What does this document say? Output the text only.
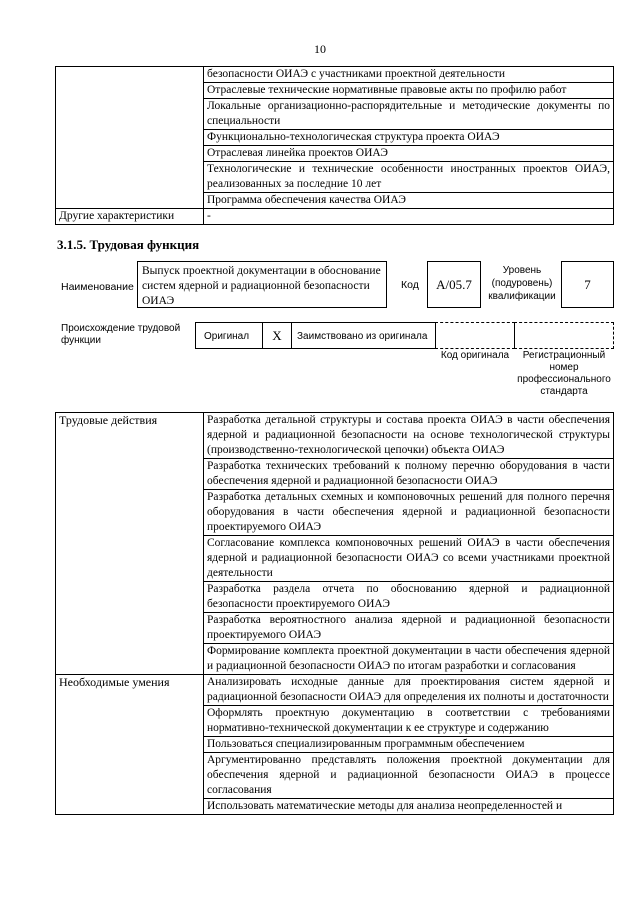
10
	безопасности ОИАЭ с участниками проектной деятельности
	Отраслевые технические нормативные правовые акты по профилю работ
	Локальные организационно-распорядительные и методические документы по специальности
	Функционально-технологическая структура проекта ОИАЭ
	Отраслевая линейка проектов ОИАЭ
	Технологические и технические особенности иностранных проектов ОИАЭ, реализованных за последние 10 лет
	Программа обеспечения качества ОИАЭ
Другие характеристики	-
3.1.5. Трудовая функция
Наименование
Выпуск проектной документации в обоснование систем ядерной и радиационной безопасности ОИАЭ
Код	A/05.7
Уровень (подуровень) квалификации
7
Происхождение трудовой функции	Оригинал	X	Заимствовано из оригинала
Код оригинала	Регистрационный номер профессионального стандарта
Трудовые действия	Разработка детальной структуры и состава проекта ОИАЭ в части обеспечения ядерной и радиационной безопасности на основе технологической структуры (производственно-технологической цепочки) объекта ОИАЭ
	Разработка технических требований к полному перечню оборудования в части обеспечения ядерной и радиационной безопасности ОИАЭ
	Разработка детальных схемных и компоновочных решений для полного перечня оборудования в части обеспечения ядерной и радиационной безопасности проектируемого ОИАЭ
	Согласование комплекса компоновочных решений ОИАЭ в части обеспечения ядерной и радиационной безопасности ОИАЭ со всеми участниками проектной деятельности
	Разработка раздела отчета по обоснованию ядерной и радиационной безопасности проектируемого ОИАЭ
	Разработка вероятностного анализа ядерной и радиационной безопасности проектируемого ОИАЭ
	Формирование комплекта проектной документации в части обеспечения ядерной и радиационной безопасности ОИАЭ по итогам разработки и согласования
Необходимые умения	Анализировать исходные данные для проектирования систем ядерной и радиационной безопасности ОИАЭ для определения их полноты и достаточности
	Оформлять проектную документацию в соответствии с требованиями нормативно-технической документации к ее структуре и содержанию
	Пользоваться специализированным программным обеспечением
	Аргументированно представлять положения проектной документации для обеспечения ядерной и радиационной безопасности ОИАЭ в процессе согласования
	Использовать математические методы для анализа неопределенностей и
